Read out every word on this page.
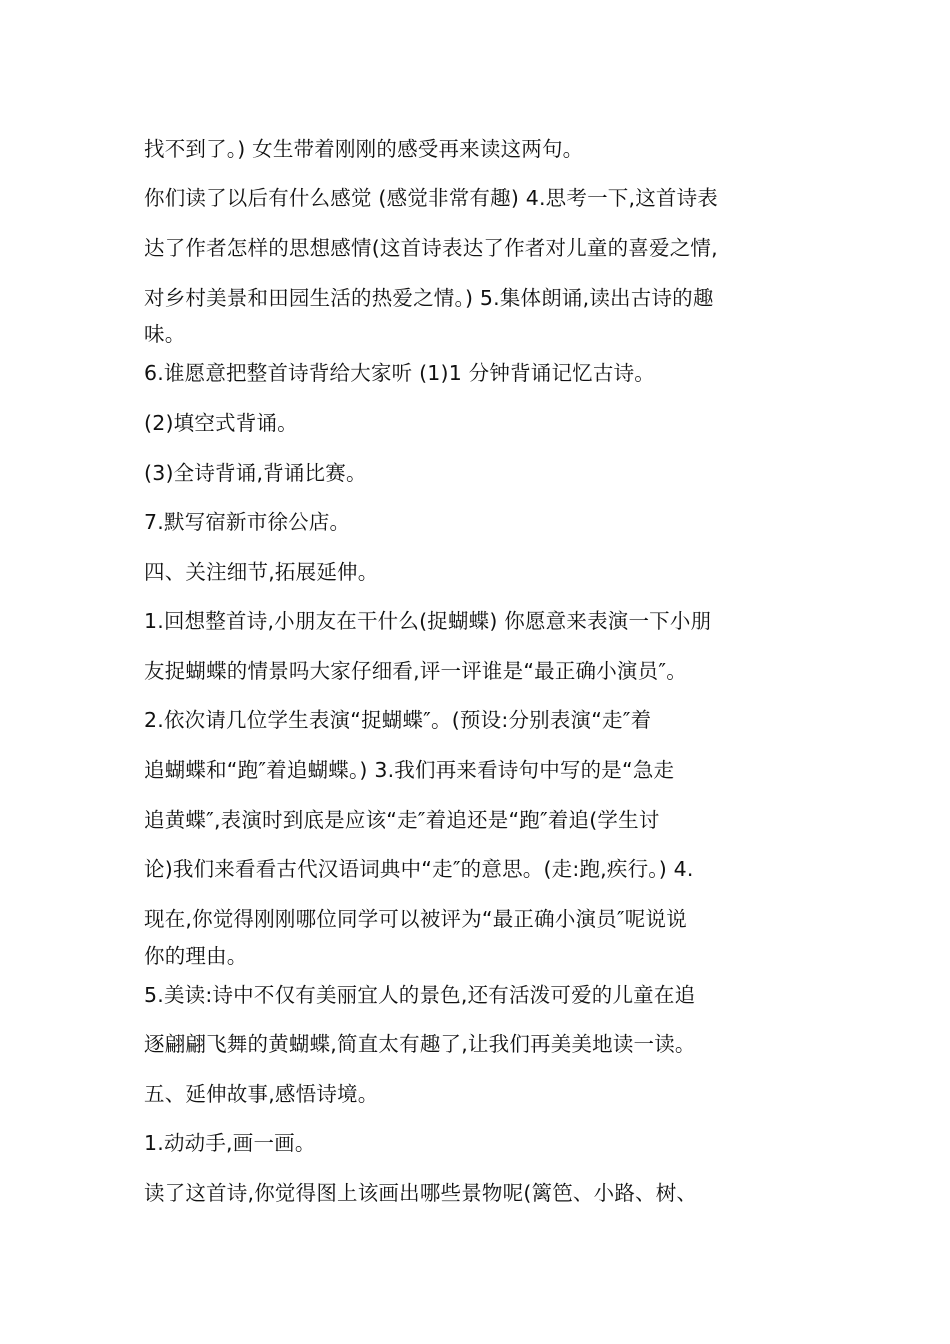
找不到了。) 女生带着刚刚的感受再来读这两句。
你们读了以后有什么感觉 (感觉非常有趣) 4.思考一下,这首诗表
达了作者怎样的思想感情(这首诗表达了作者对儿童的喜爱之情,
对乡村美景和田园生活的热爱之情。) 5.集体朗诵,读出古诗的趣
味。
6.谁愿意把整首诗背给大家听 (1)1 分钟背诵记忆古诗。
(2)填空式背诵。
(3)全诗背诵,背诵比赛。
7.默写宿新市徐公店。
四、关注细节,拓展延伸。
1.回想整首诗,小朋友在干什么(捉蝴蝶) 你愿意来表演一下小朋
友捉蝴蝶的情景吗大家仔细看,评一评谁是“最正确小演员″。
2.依次请几位学生表演“捉蝴蝶″。(预设:分别表演“走″着
追蝴蝶和“跑″着追蝴蝶。) 3.我们再来看诗句中写的是“急走
追黄蝶″,表演时到底是应该“走″着追还是“跑″着追(学生讨
论)我们来看看古代汉语词典中“走″的意思。(走:跑,疾行。) 4.
现在,你觉得刚刚哪位同学可以被评为“最正确小演员″呢说说
你的理由。
5.美读:诗中不仅有美丽宜人的景色,还有活泼可爱的儿童在追
逐翩翩飞舞的黄蝴蝶,简直太有趣了,让我们再美美地读一读。
五、延伸故事,感悟诗境。
1.动动手,画一画。
读了这首诗,你觉得图上该画出哪些景物呢(篱笆、小路、树、
